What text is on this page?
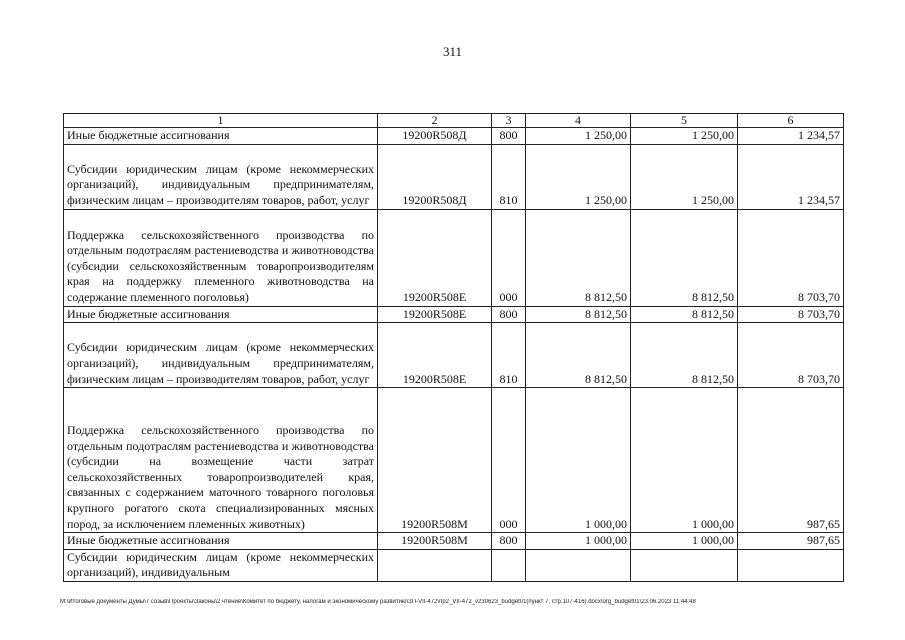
311
1	2	3	4	5	6
Иные бюджетные ассигнования	19200R508Д	800	1 250,00	1 250,00	1 234,57
Субсидии юридическим лицам (кроме некоммерческих организаций), индивидуальным предпринимателям, физическим лицам – производителям товаров, работ, услуг	19200R508Д	810	1 250,00	1 250,00	1 234,57
Поддержка сельскохозяйственного производства по отдельным подотраслям растениеводства и животноводства (субсидии сельскохозяйственным товаропроизводителям края на поддержку племенного животноводства на содержание племенного поголовья)	19200R508Е	000	8 812,50	8 812,50	8 703,70
Иные бюджетные ассигнования	19200R508Е	800	8 812,50	8 812,50	8 703,70
Субсидии юридическим лицам (кроме некоммерческих организаций), индивидуальным предпринимателям, физическим лицам – производителям товаров, работ, услуг	19200R508Е	810	8 812,50	8 812,50	8 703,70
Поддержка сельскохозяйственного производства по отдельным подотраслям растениеводства и животноводства (субсидии на возмещение части затрат сельскохозяйственных товаропроизводителей края, связанных с содержанием маточного товарного поголовья крупного рогатого скота специализированных мясных пород, за исключением племенных животных)	19200R508М	000	1 000,00	1 000,00	987,65
Иные бюджетные ассигнования	19200R508М	800	1 000,00	1 000,00	987,65
Субсидии юридическим лицам (кроме некоммерческих организаций), индивидуальным					
M:\Итоговые документы Думы\7 созыв\Проекты\Законы\2 чтение\Комитет по бюджету, налогам и экономическому развитию\ЗП-VII-472\пр2_VII-472_v230623_budget01(пункт 7, стр.107-416).docx\org_budget01\23.06.2023 11:44:48
